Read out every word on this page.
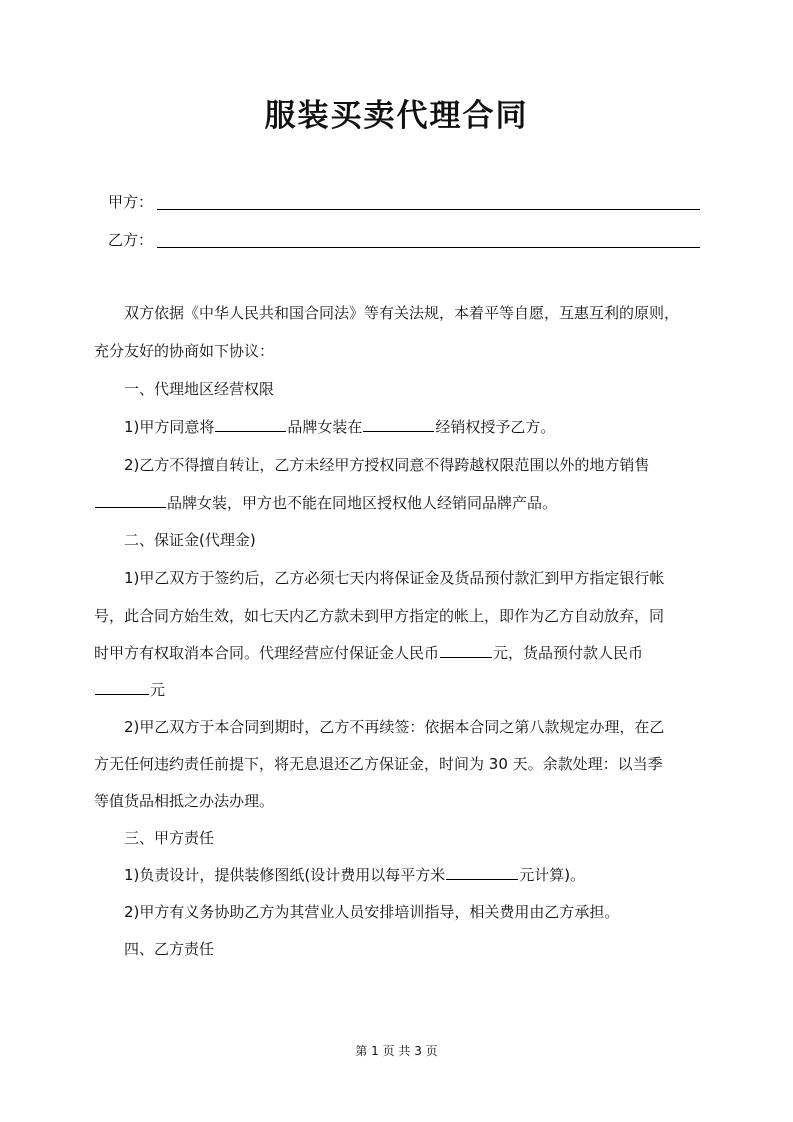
服装买卖代理合同
甲方：
乙方：
双方依据《中华人民共和国合同法》等有关法规，本着平等自愿，互惠互利的原则，
充分友好的协商如下协议：
一、代理地区经营权限
1)甲方同意将	品牌女装在	经销权授予乙方。
2)乙方不得擅自转让，乙方未经甲方授权同意不得跨越权限范围以外的地方销售
品牌女装，甲方也不能在同地区授权他人经销同品牌产品。
二、保证金(代理金)
1)甲乙双方于签约后，乙方必须七天内将保证金及货品预付款汇到甲方指定银行帐
号，此合同方始生效，如七天内乙方款未到甲方指定的帐上，即作为乙方自动放弃，同
时甲方有权取消本合同。代理经营应付保证金人民币	元，货品预付款人民币
元
2)甲乙双方于本合同到期时，乙方不再续签：依据本合同之第八款规定办理，在乙
方无任何违约责任前提下，将无息退还乙方保证金，时间为 30 天。余款处理：以当季
等值货品相抵之办法办理。
三、甲方责任
1)负责设计，提供装修图纸(设计费用以每平方米	元计算)。
2)甲方有义务协助乙方为其营业人员安排培训指导，相关费用由乙方承担。
四、乙方责任
第 1 页 共 3 页
